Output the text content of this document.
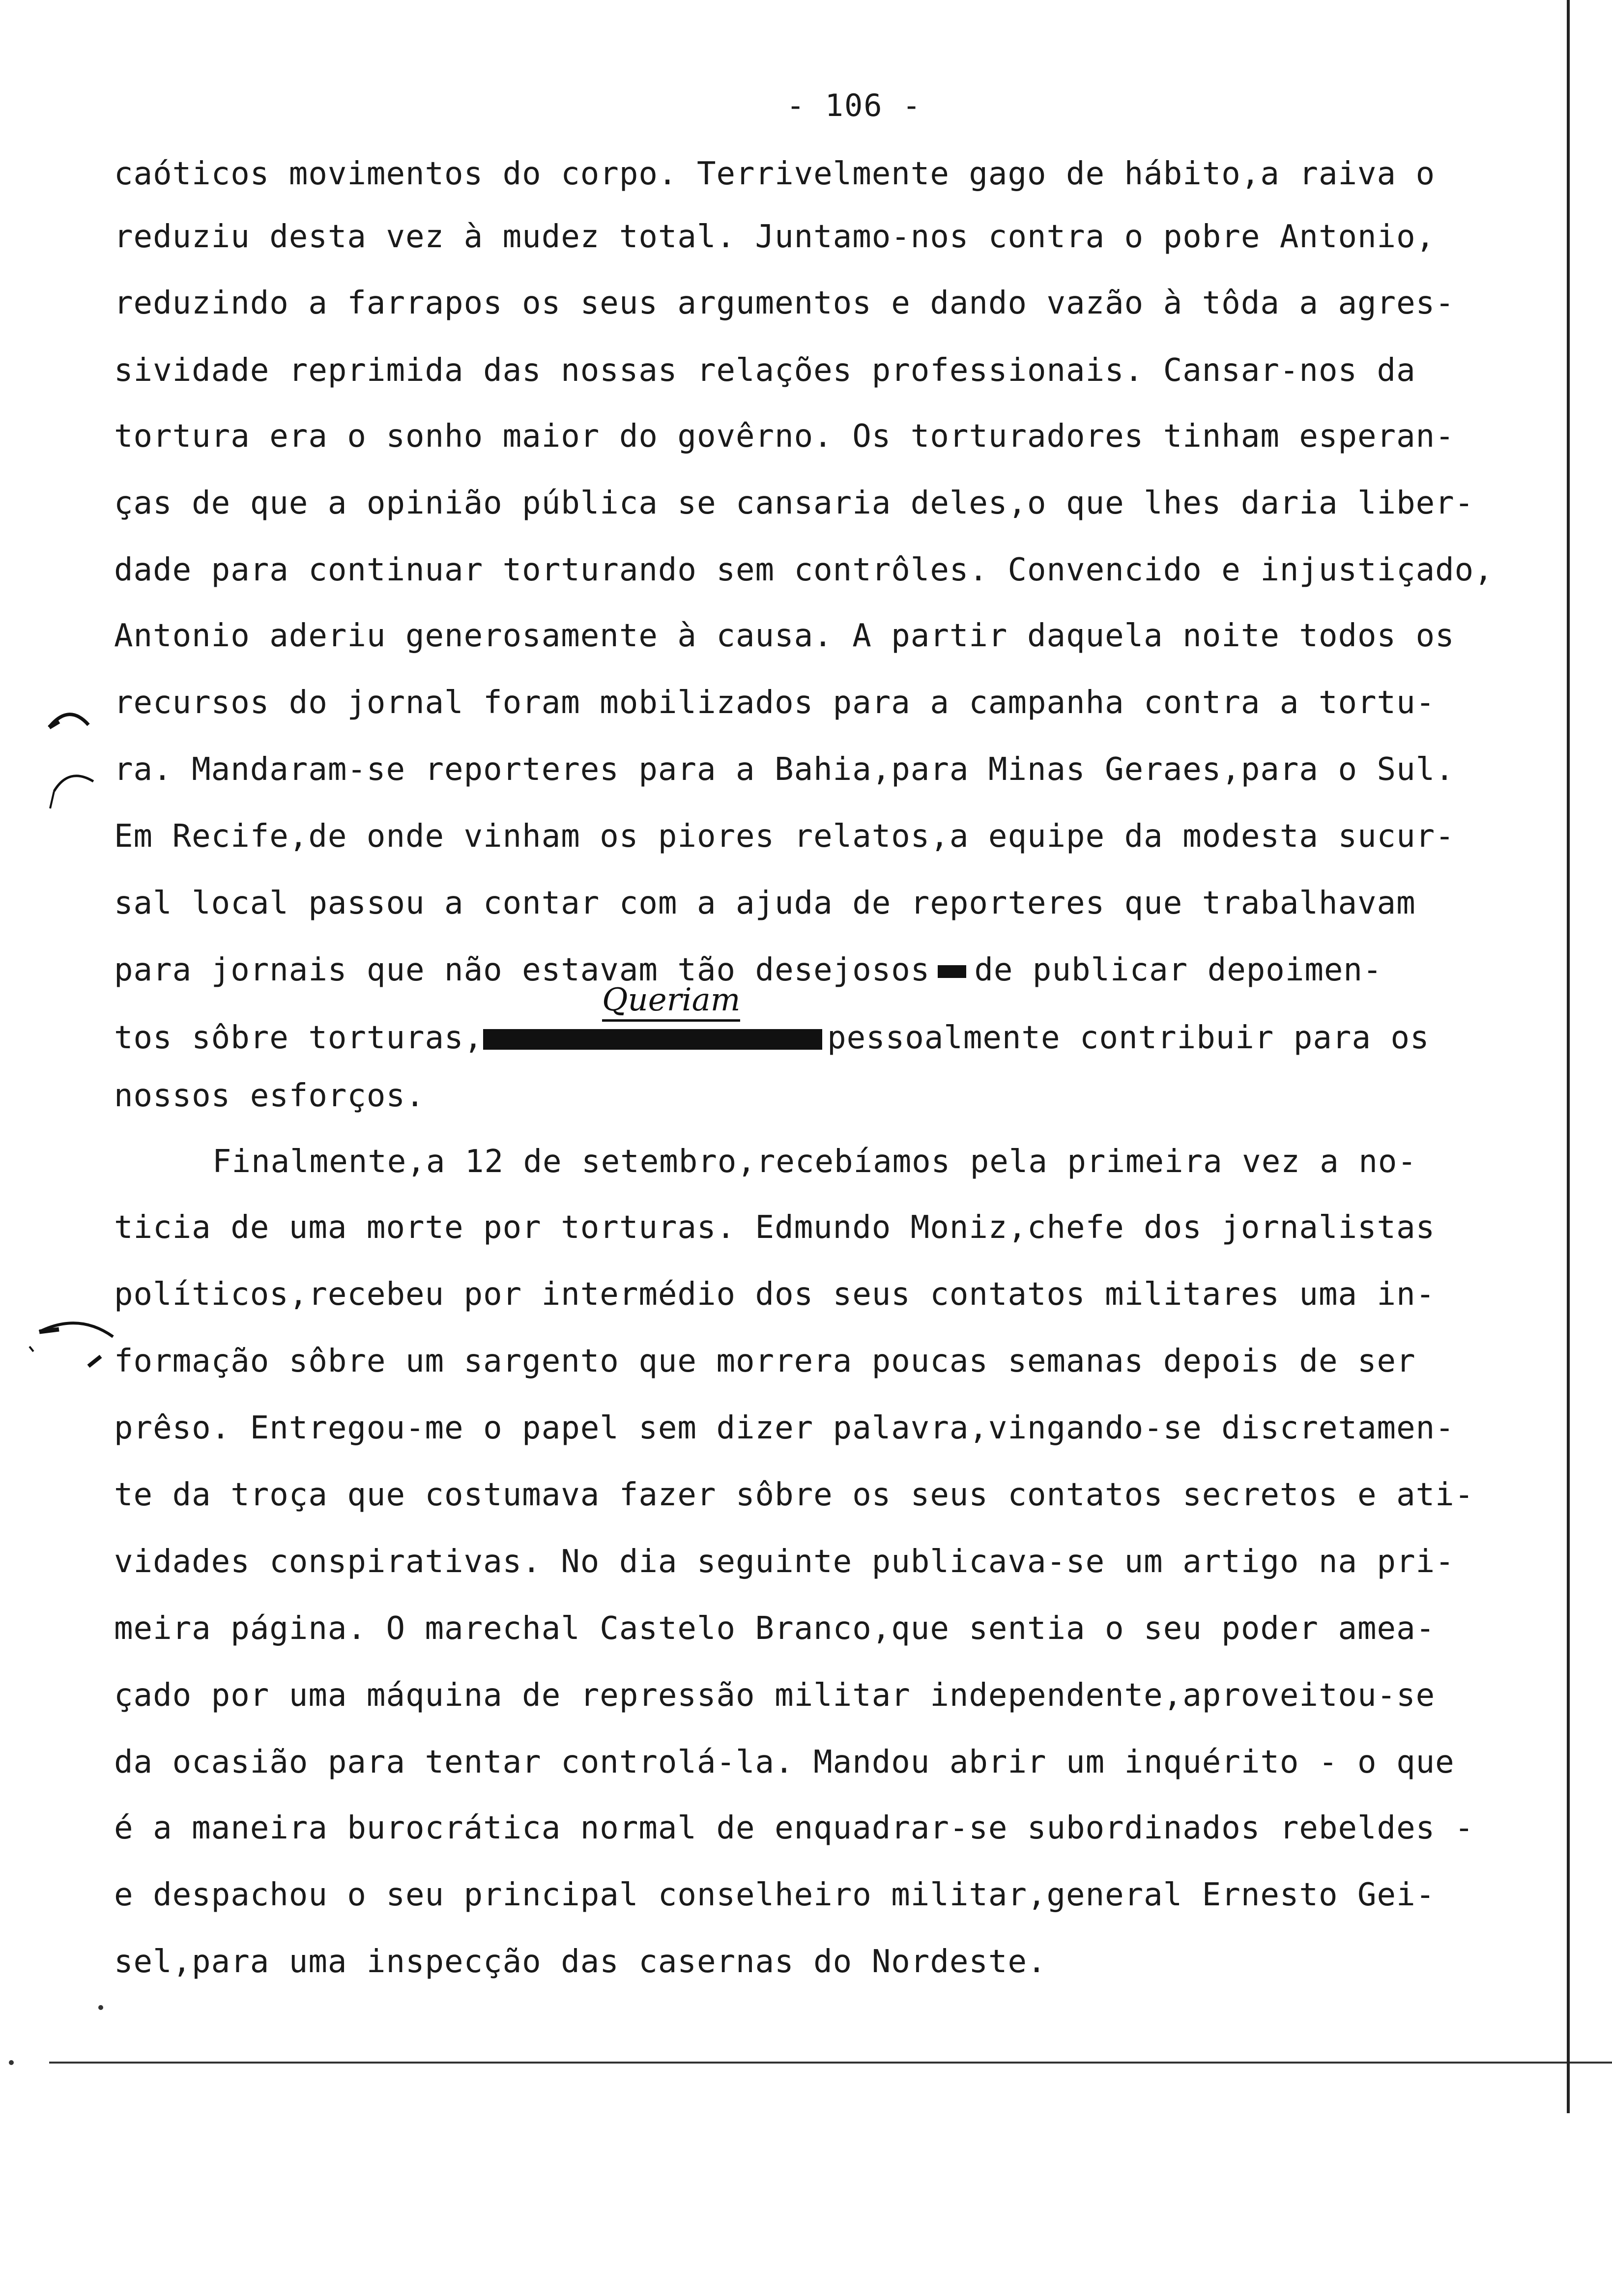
- 106 -
caóticos movimentos do corpo. Terrivelmente gago de hábito,a raiva o
reduziu desta vez à mudez total. Juntamo-nos contra o pobre Antonio,
reduzindo a farrapos os seus argumentos e dando vazão à tôda a agres-
sividade reprimida das nossas relações professionais. Cansar-nos da
tortura era o sonho maior do govêrno. Os torturadores tinham esperan-
ças de que a opinião pública se cansaria deles,o que lhes daria liber-
dade para continuar torturando sem contrôles. Convencido e injustiçado,
Antonio aderiu generosamente à causa. A partir daquela noite todos os
recursos do jornal foram mobilizados para a campanha contra a tortu-
ra. Mandaram-se reporteres para a Bahia,para Minas Geraes,para o Sul.
Em Recife,de onde vinham os piores relatos,a equipe da modesta sucur-
sal local passou a contar com a ajuda de reporteres que trabalhavam
para jornais que não estavam tão desejosos de publicar depoimen-
Queriam
tos sôbre torturas,	pessoalmente contribuir para os
nossos esforços.
Finalmente,a 12 de setembro,recebíamos pela primeira vez a no-
ticia de uma morte por torturas. Edmundo Moniz,chefe dos jornalistas
políticos,recebeu por intermédio dos seus contatos militares uma in-
formação sôbre um sargento que morrera poucas semanas depois de ser
prêso. Entregou-me o papel sem dizer palavra,vingando-se discretamen-
te da troça que costumava fazer sôbre os seus contatos secretos e ati-
vidades conspirativas. No dia seguinte publicava-se um artigo na pri-
meira página. O marechal Castelo Branco,que sentia o seu poder amea-
çado por uma máquina de repressão militar independente,aproveitou-se
da ocasião para tentar controlá-la. Mandou abrir um inquérito - o que
é a maneira burocrática normal de enquadrar-se subordinados rebeldes -
e despachou o seu principal conselheiro militar,general Ernesto Gei-
sel,para uma inspecção das casernas do Nordeste.
